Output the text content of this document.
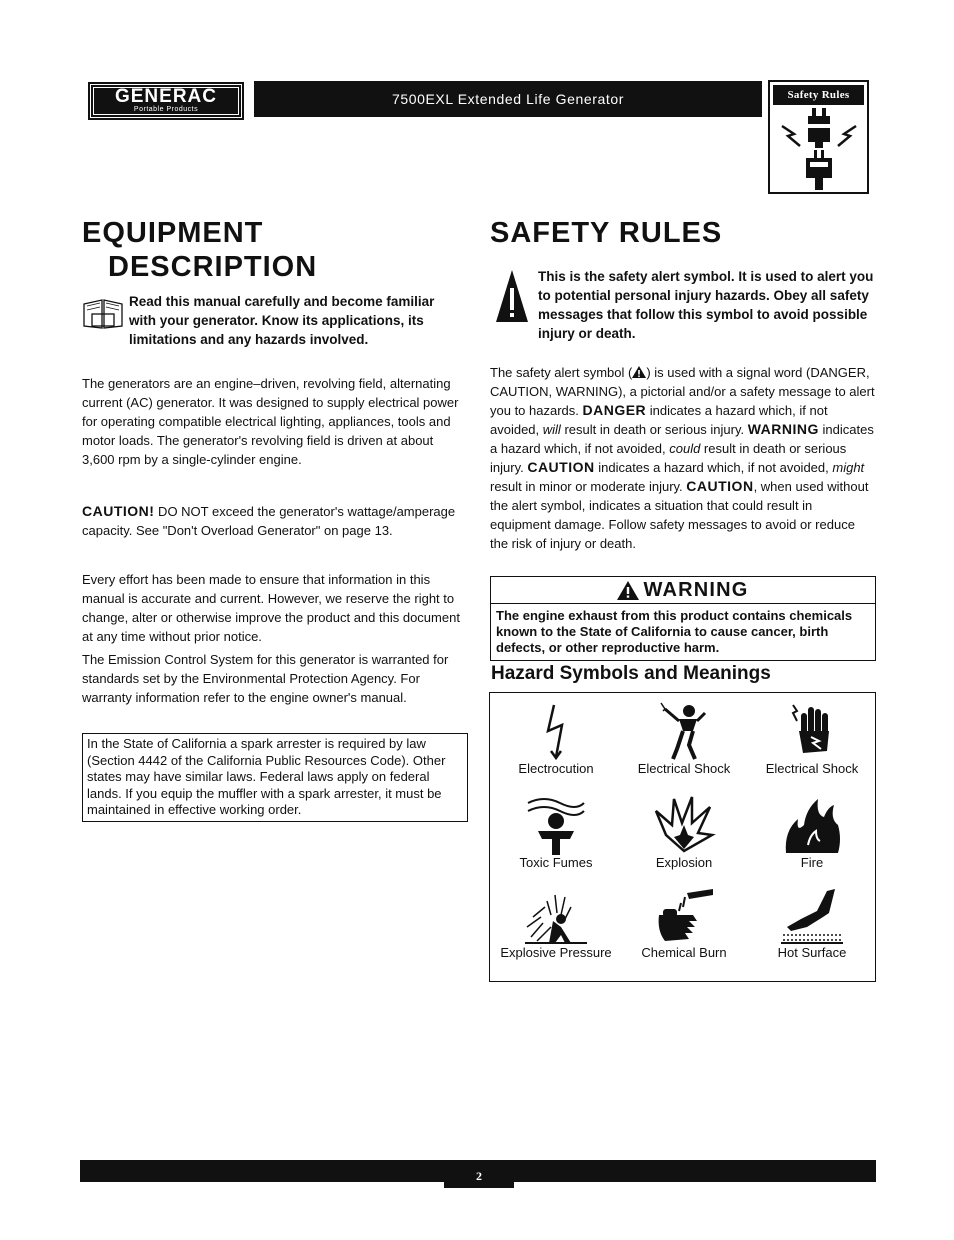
GENERAC
Portable Products
7500EXL Extended Life Generator	Safety Rules
EQUIPMENT
DESCRIPTION
Read this manual carefully and become familiar with your generator. Know its applications, its limitations and any hazards involved.
The generators are an engine–driven, revolving field, alternating current (AC) generator. It was designed to supply electrical power for operating compatible electrical lighting, appliances, tools and motor loads. The generator's revolving field is driven at about 3,600 rpm by a single-cylinder engine.
CAUTION! DO NOT exceed the generator's wattage/amperage capacity. See "Don't Overload Generator" on page 13.
Every effort has been made to ensure that information in this manual is accurate and current. However, we reserve the right to change, alter or otherwise improve the product and this document at any time without prior notice.
The Emission Control System for this generator is warranted for standards set by the Environmental Protection Agency. For warranty information refer to the engine owner's manual.
In the State of California a spark arrester is required by law (Section 4442 of the California Public Resources Code). Other states may have similar laws. Federal laws apply on federal lands. If you equip the muffler with a spark arrester, it must be maintained in effective working order.
SAFETY RULES
This is the safety alert symbol. It is used to alert you to potential personal injury hazards. Obey all safety messages that follow this symbol to avoid possible injury or death.
The safety alert symbol ( ) is used with a signal word (DANGER, CAUTION, WARNING), a pictorial and/or a safety message to alert you to hazards. DANGER indicates a hazard which, if not avoided, will result in death or serious injury. WARNING indicates a hazard which, if not avoided, could result in death or serious injury. CAUTION indicates a hazard which, if not avoided, might result in minor or moderate injury. CAUTION, when used without the alert symbol, indicates a situation that could result in equipment damage. Follow safety messages to avoid or reduce the risk of injury or death.
WARNING
The engine exhaust from this product contains chemicals known to the State of California to cause cancer, birth defects, or other reproductive harm.
Hazard Symbols and Meanings
Electrocution	Electrical Shock	Electrical Shock
Toxic Fumes	Explosion	Fire
Explosive Pressure	Chemical Burn	Hot Surface
2
